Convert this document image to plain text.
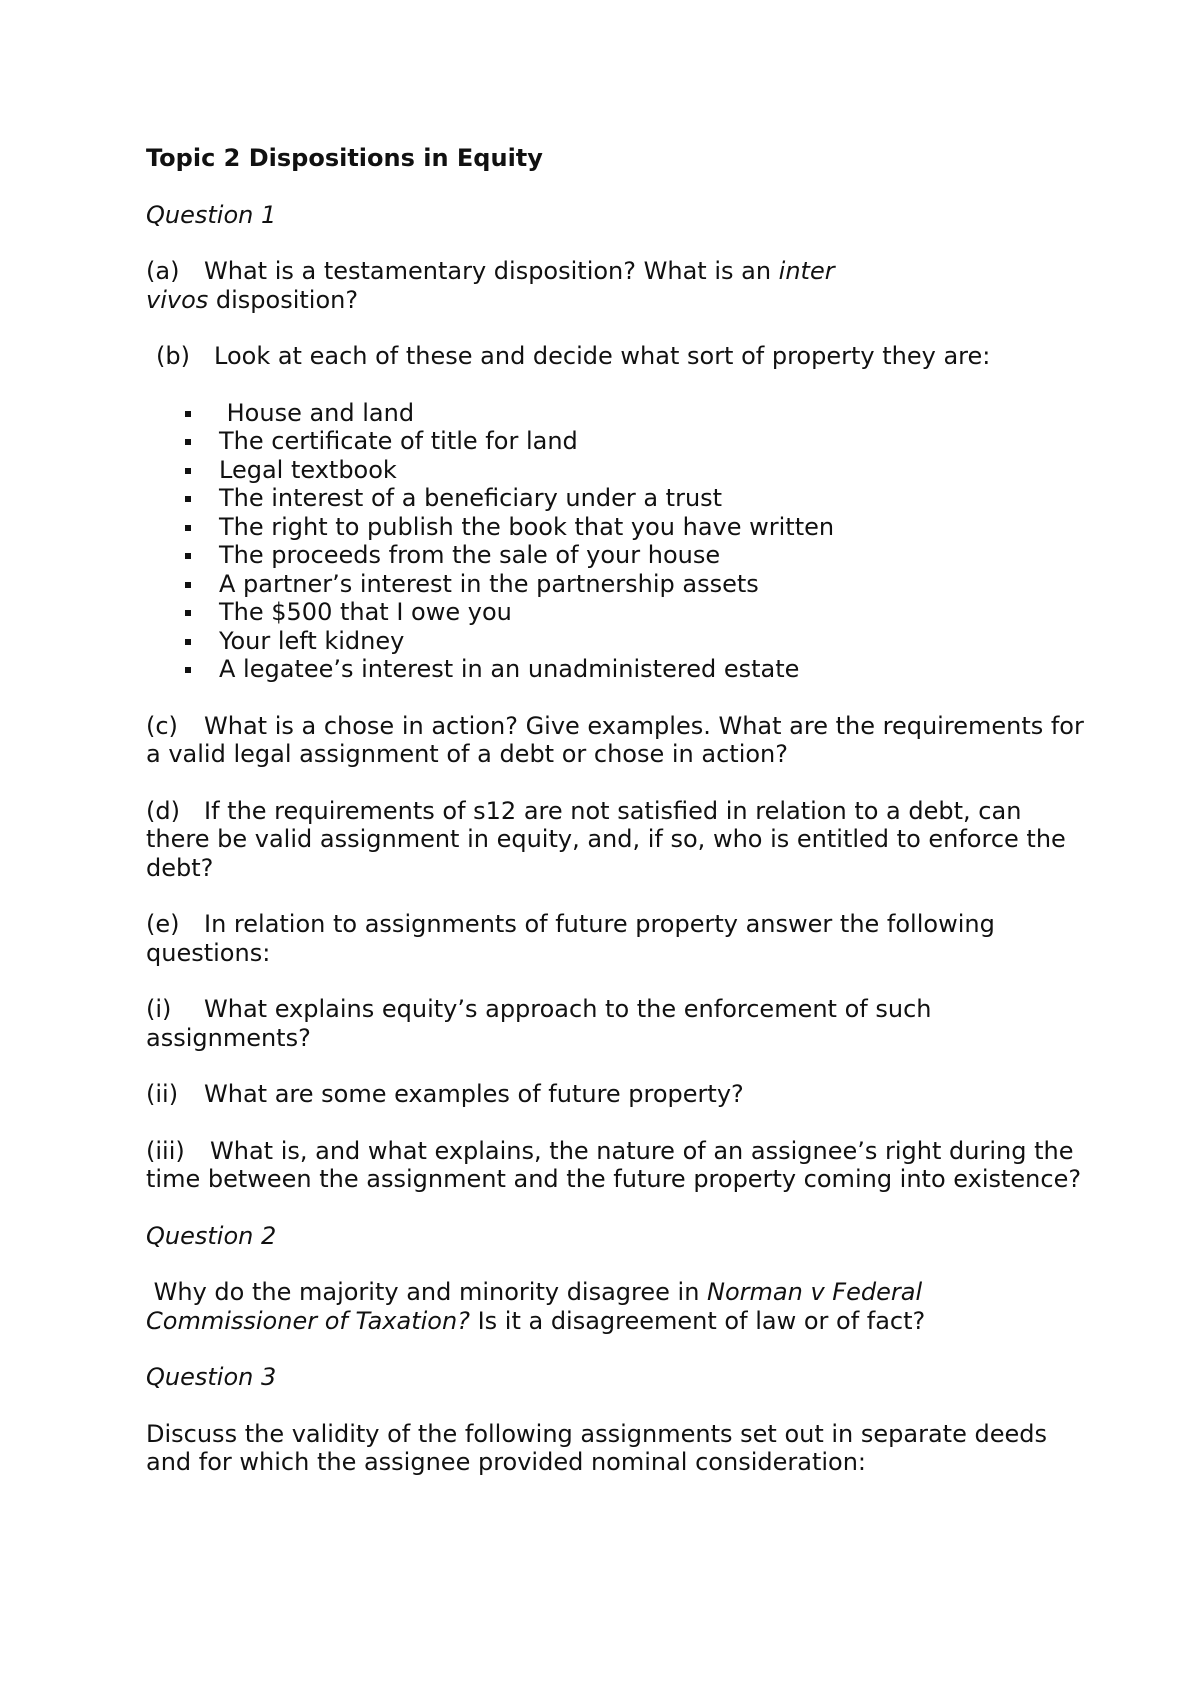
Topic 2 Dispositions in Equity
Question 1
(a) What is a testamentary disposition? What is an inter
vivos disposition?
(b) Look at each of these and decide what sort of property they are:
House and land
The certificate of title for land
Legal textbook
The interest of a beneficiary under a trust
The right to publish the book that you have written
The proceeds from the sale of your house
A partner’s interest in the partnership assets
The $500 that I owe you
Your left kidney
A legatee’s interest in an unadministered estate
(c) What is a chose in action? Give examples. What are the requirements for a valid legal assignment of a debt or chose in action?
(d) If the requirements of s12 are not satisfied in relation to a debt, can there be valid assignment in equity, and, if so, who is entitled to enforce the debt?
(e) In relation to assignments of future property answer the following questions:
(i) What explains equity’s approach to the enforcement of such assignments?
(ii) What are some examples of future property?
(iii) What is, and what explains, the nature of an assignee’s right during the time between the assignment and the future property coming into existence?
Question 2
Why do the majority and minority disagree in Norman v Federal Commissioner of Taxation? Is it a disagreement of law or of fact?
Question 3
Discuss the validity of the following assignments set out in separate deeds and for which the assignee provided nominal consideration:
